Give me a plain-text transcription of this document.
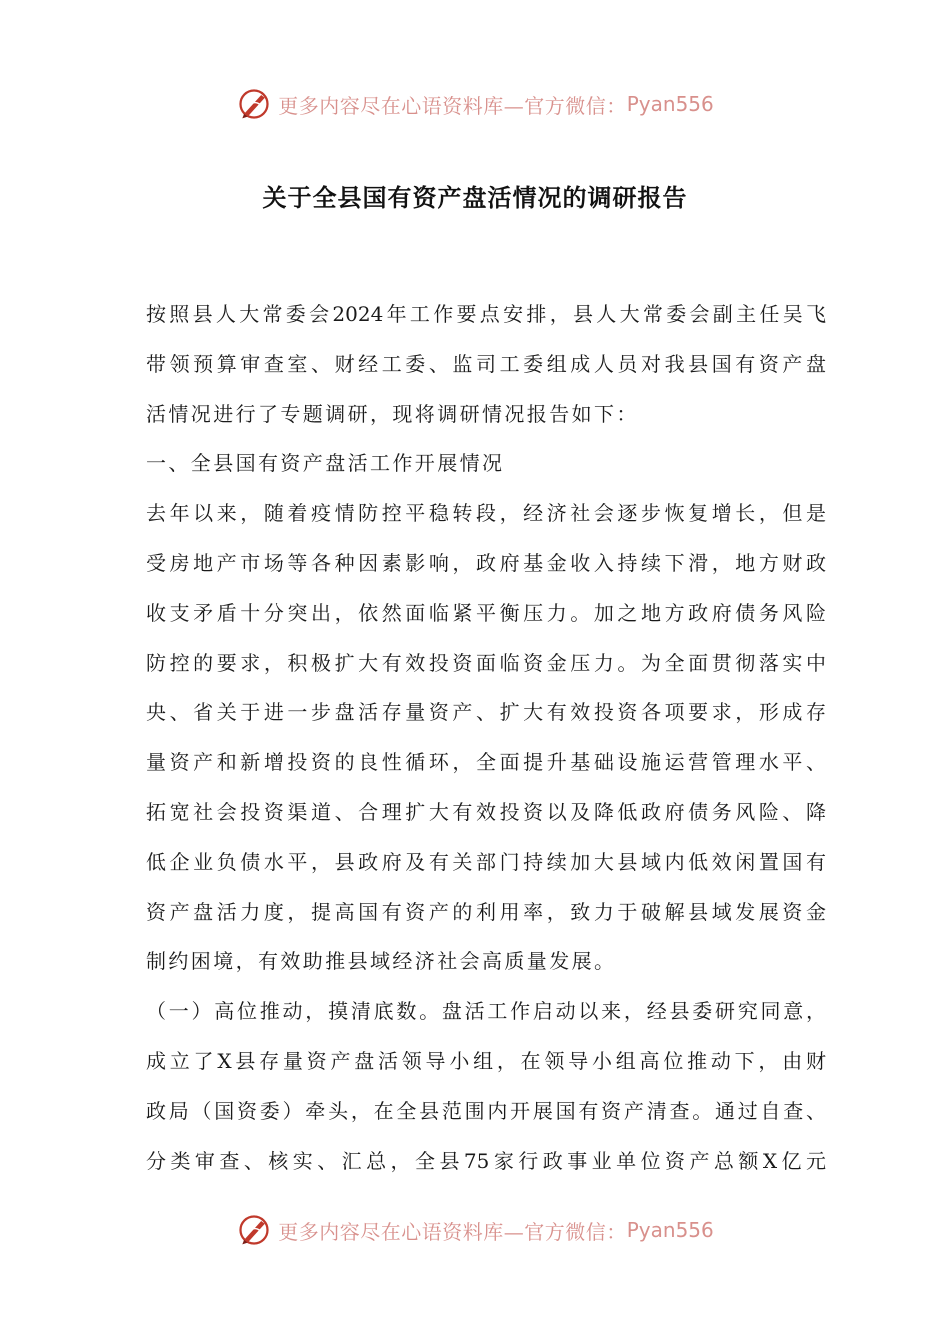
更多内容尽在心语资料库—官方微信： Pyan556
关于全县国有资产盘活情况的调研报告
按照县人大常委会2024年工作要点安排，县人大常委会副主任吴飞
带领预算审查室、财经工委、监司工委组成人员对我县国有资产盘
活情况进行了专题调研，现将调研情况报告如下：
一、全县国有资产盘活工作开展情况
去年以来，随着疫情防控平稳转段，经济社会逐步恢复增长，但是
受房地产市场等各种因素影响，政府基金收入持续下滑，地方财政
收支矛盾十分突出，依然面临紧平衡压力。加之地方政府债务风险
防控的要求，积极扩大有效投资面临资金压力。为全面贯彻落实中
央、省关于进一步盘活存量资产、扩大有效投资各项要求，形成存
量资产和新增投资的良性循环，全面提升基础设施运营管理水平、
拓宽社会投资渠道、合理扩大有效投资以及降低政府债务风险、降
低企业负债水平，县政府及有关部门持续加大县域内低效闲置国有
资产盘活力度，提高国有资产的利用率，致力于破解县域发展资金
制约困境，有效助推县域经济社会高质量发展。
（一）高位推动，摸清底数。盘活工作启动以来，经县委研究同意，
成立了X县存量资产盘活领导小组，在领导小组高位推动下，由财
政局（国资委）牵头，在全县范围内开展国有资产清查。通过自查、
分类审查、核实、汇总，全县75家行政事业单位资产总额X亿元
更多内容尽在心语资料库—官方微信： Pyan556
